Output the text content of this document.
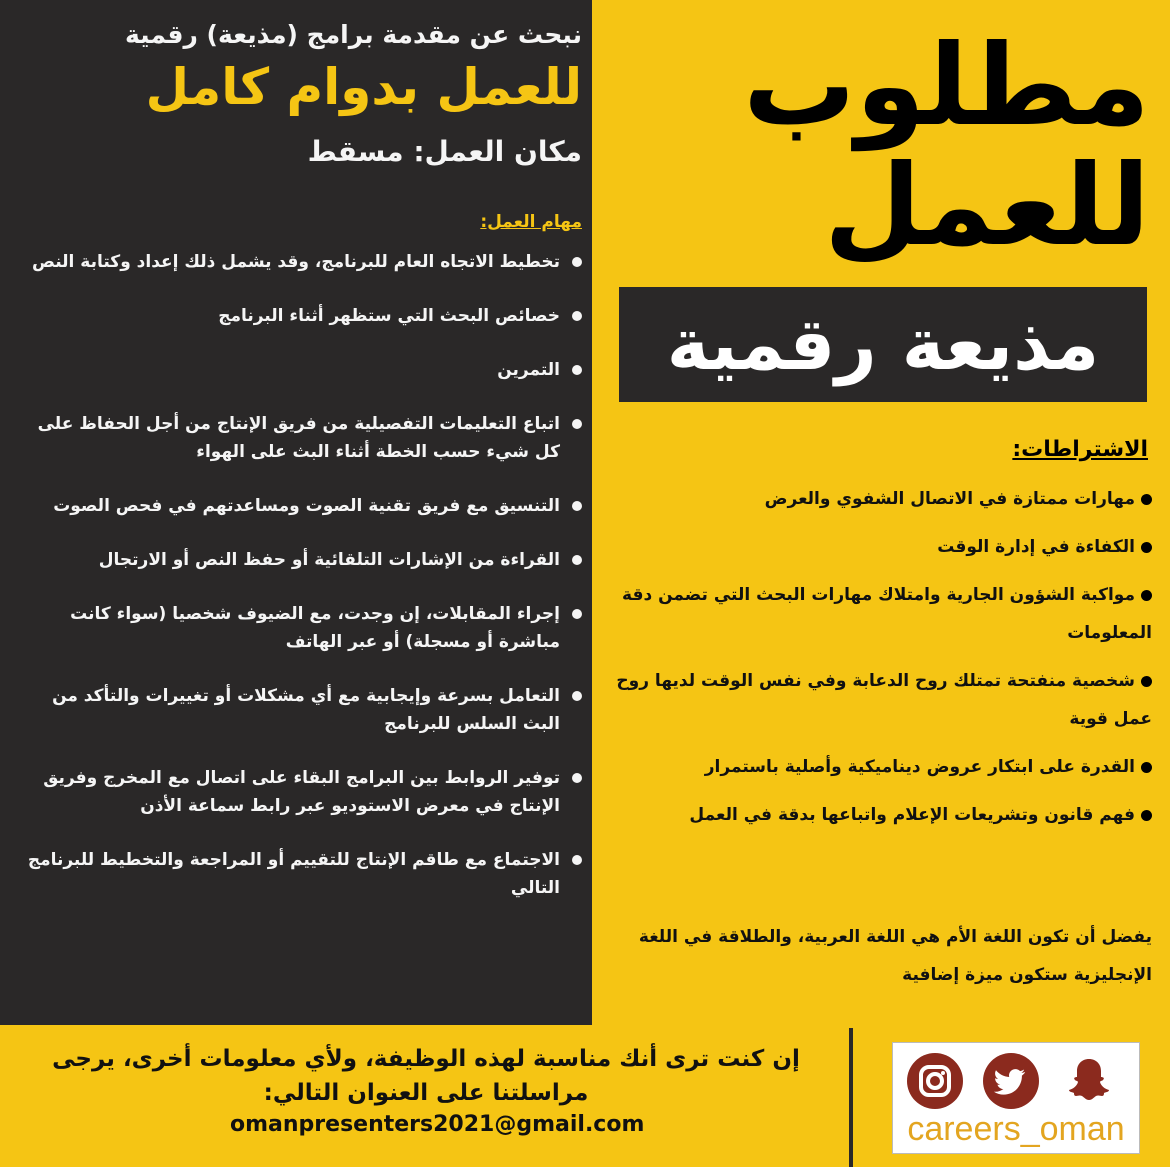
مطلوب
للعمل
مذيعة رقمية
الاشتراطات:
مهارات ممتازة في الاتصال الشفوي والعرض
الكفاءة في إدارة الوقت
مواكبة الشؤون الجارية وامتلاك مهارات البحث التي تضمن دقة المعلومات
شخصية منفتحة تمتلك روح الدعابة وفي نفس الوقت لديها روح عمل قوية
القدرة على ابتكار عروض ديناميكية وأصلية باستمرار
فهم قانون وتشريعات الإعلام واتباعها بدقة في العمل
يفضل أن تكون اللغة الأم هي اللغة العربية، والطلاقة في اللغة الإنجليزية ستكون ميزة إضافية
نبحث عن مقدمة برامج (مذيعة) رقمية
للعمل بدوام كامل
مكان العمل: مسقط
مهام العمل:
تخطيط الاتجاه العام للبرنامج، وقد يشمل ذلك إعداد وكتابة النص
خصائص البحث التي ستظهر أثناء البرنامج
التمرين
اتباع التعليمات التفصيلية من فريق الإنتاج من أجل الحفاظ على كل شيء حسب الخطة أثناء البث على الهواء
التنسيق مع فريق تقنية الصوت ومساعدتهم في فحص الصوت
القراءة من الإشارات التلقائية أو حفظ النص أو الارتجال
إجراء المقابلات، إن وجدت، مع الضيوف شخصيا (سواء كانت مباشرة أو مسجلة) أو عبر الهاتف
التعامل بسرعة وإيجابية مع أي مشكلات أو تغييرات والتأكد من البث السلس للبرنامج
توفير الروابط بين البرامج البقاء على اتصال مع المخرج وفريق الإنتاج في معرض الاستوديو عبر رابط سماعة الأذن
الاجتماع مع طاقم الإنتاج للتقييم أو المراجعة والتخطيط للبرنامج التالي
إن كنت ترى أنك مناسبة لهذه الوظيفة، ولأي معلومات أخرى، يرجى مراسلتنا على العنوان التالي:
omanpresenters2021@gmail.com	careers_oman
